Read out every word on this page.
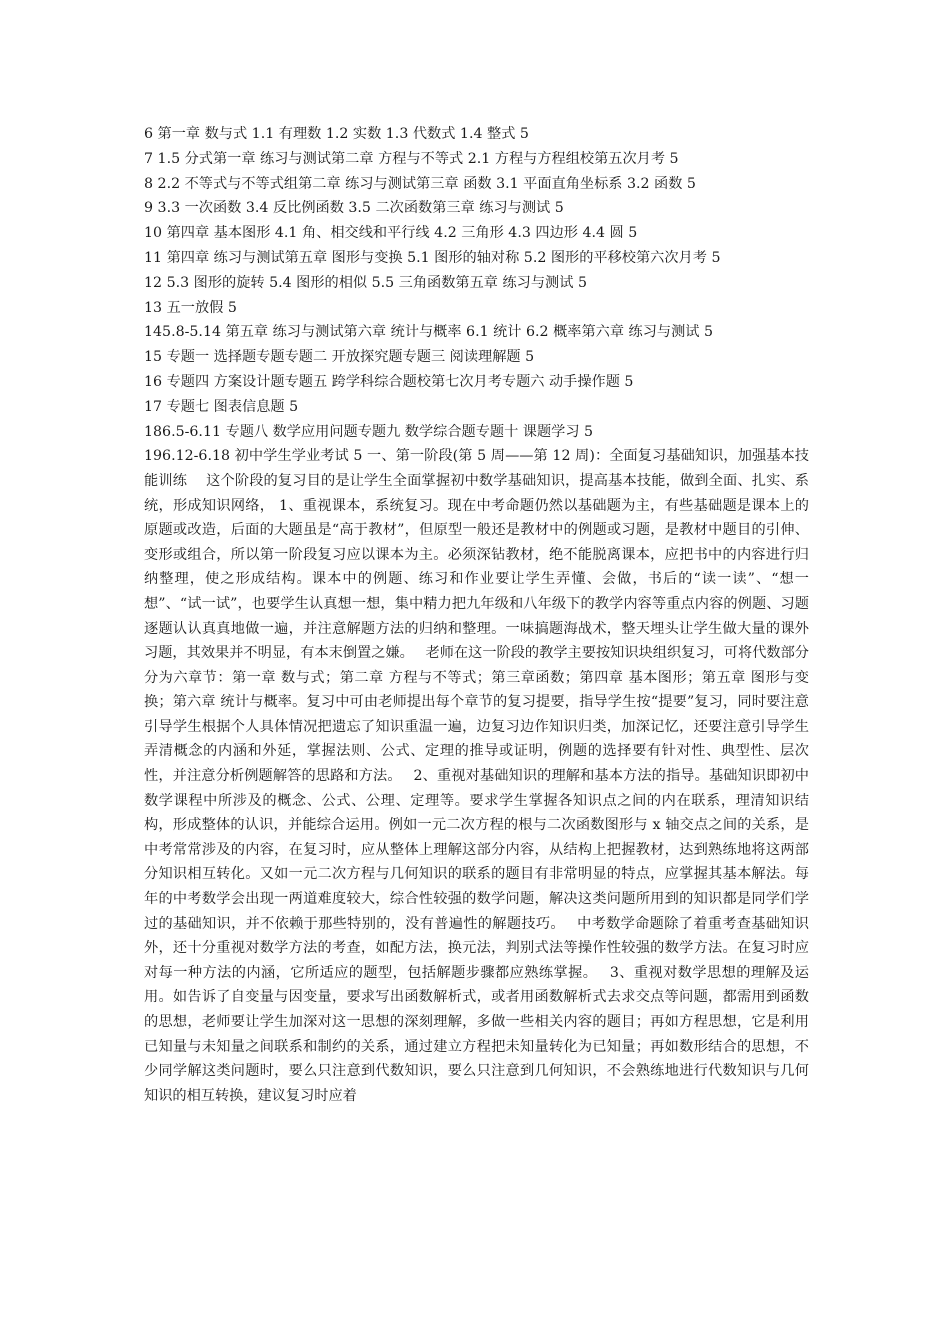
6 第一章 数与式 1.1 有理数 1.2 实数 1.3 代数式 1.4 整式 5
7 1.5 分式第一章 练习与测试第二章 方程与不等式 2.1 方程与方程组校第五次月考 5
8 2.2 不等式与不等式组第二章 练习与测试第三章 函数 3.1 平面直角坐标系 3.2 函数 5
9 3.3 一次函数 3.4 反比例函数 3.5 二次函数第三章 练习与测试 5
10 第四章 基本图形 4.1 角、相交线和平行线 4.2 三角形 4.3 四边形 4.4 圆 5
11 第四章 练习与测试第五章 图形与变换 5.1 图形的轴对称 5.2 图形的平移校第六次月考 5
12 5.3 图形的旋转 5.4 图形的相似 5.5 三角函数第五章 练习与测试 5
13 五一放假 5
145.8-5.14 第五章 练习与测试第六章 统计与概率 6.1 统计 6.2 概率第六章 练习与测试 5
15 专题一 选择题专题专题二 开放探究题专题三 阅读理解题 5
16 专题四 方案设计题专题五 跨学科综合题校第七次月考专题六 动手操作题 5
17 专题七 图表信息题 5
186.5-6.11 专题八 数学应用问题专题九 数学综合题专题十 课题学习 5

196.12-6.18 初中学生学业考试 5 一、第一阶段(第 5 周——第 12 周)：全面复习基础知识，加强基本技能训练　 这个阶段的复习目的是让学生全面掌握初中数学基础知识，提高基本技能，做到全面、扎实、系统，形成知识网络， 1、重视课本，系统复习。现在中考命题仍然以基础题为主，有些基础题是课本上的原题或改造，后面的大题虽是“高于教材”，但原型一般还是教材中的例题或习题，是教材中题目的引伸、变形或组合，所以第一阶段复习应以课本为主。必须深钻教材，绝不能脱离课本，应把书中的内容进行归纳整理，使之形成结构。课本中的例题、练习和作业要让学生弄懂、会做，书后的“读一读”、“想一想”、“试一试”，也要学生认真想一想，集中精力把九年级和八年级下的教学内容等重点内容的例题、习题逐题认认真真地做一遍，并注意解题方法的归纳和整理。一味搞题海战术，整天埋头让学生做大量的课外习题，其效果并不明显，有本末倒置之嫌。　 老师在这一阶段的教学主要按知识块组织复习，可将代数部分分为六章节：第一章 数与式；第二章 方程与不等式；第三章函数；第四章 基本图形；第五章 图形与变换；第六章 统计与概率。复习中可由老师提出每个章节的复习提要，指导学生按“提要”复习，同时要注意引导学生根据个人具体情况把遗忘了知识重温一遍，边复习边作知识归类，加深记忆，还要注意引导学生弄清概念的内涵和外延，掌握法则、公式、定理的推导或证明，例题的选择要有针对性、典型性、层次性，并注意分析例题解答的思路和方法。　 2、重视对基础知识的理解和基本方法的指导。基础知识即初中数学课程中所涉及的概念、公式、公理、定理等。要求学生掌握各知识点之间的内在联系，理清知识结构，形成整体的认识，并能综合运用。例如一元二次方程的根与二次函数图形与 x 轴交点之间的关系，是中考常常涉及的内容，在复习时，应从整体上理解这部分内容，从结构上把握教材，达到熟练地将这两部分知识相互转化。又如一元二次方程与几何知识的联系的题目有非常明显的特点，应掌握其基本解法。每年的中考数学会出现一两道难度较大，综合性较强的数学问题，解决这类问题所用到的知识都是同学们学过的基础知识，并不依赖于那些特别的，没有普遍性的解题技巧。　 中考数学命题除了着重考查基础知识外，还十分重视对数学方法的考查，如配方法，换元法，判别式法等操作性较强的数学方法。在复习时应对每一种方法的内涵，它所适应的题型，包括解题步骤都应熟练掌握。　 3、重视对数学思想的理解及运用。如告诉了自变量与因变量，要求写出函数解析式，或者用函数解析式去求交点等问题，都需用到函数的思想，老师要让学生加深对这一思想的深刻理解，多做一些相关内容的题目；再如方程思想，它是利用已知量与未知量之间联系和制约的关系，通过建立方程把未知量转化为已知量；再如数形结合的思想，不少同学解这类问题时，要么只注意到代数知识，要么只注意到几何知识，不会熟练地进行代数知识与几何知识的相互转换，建议复习时应着
